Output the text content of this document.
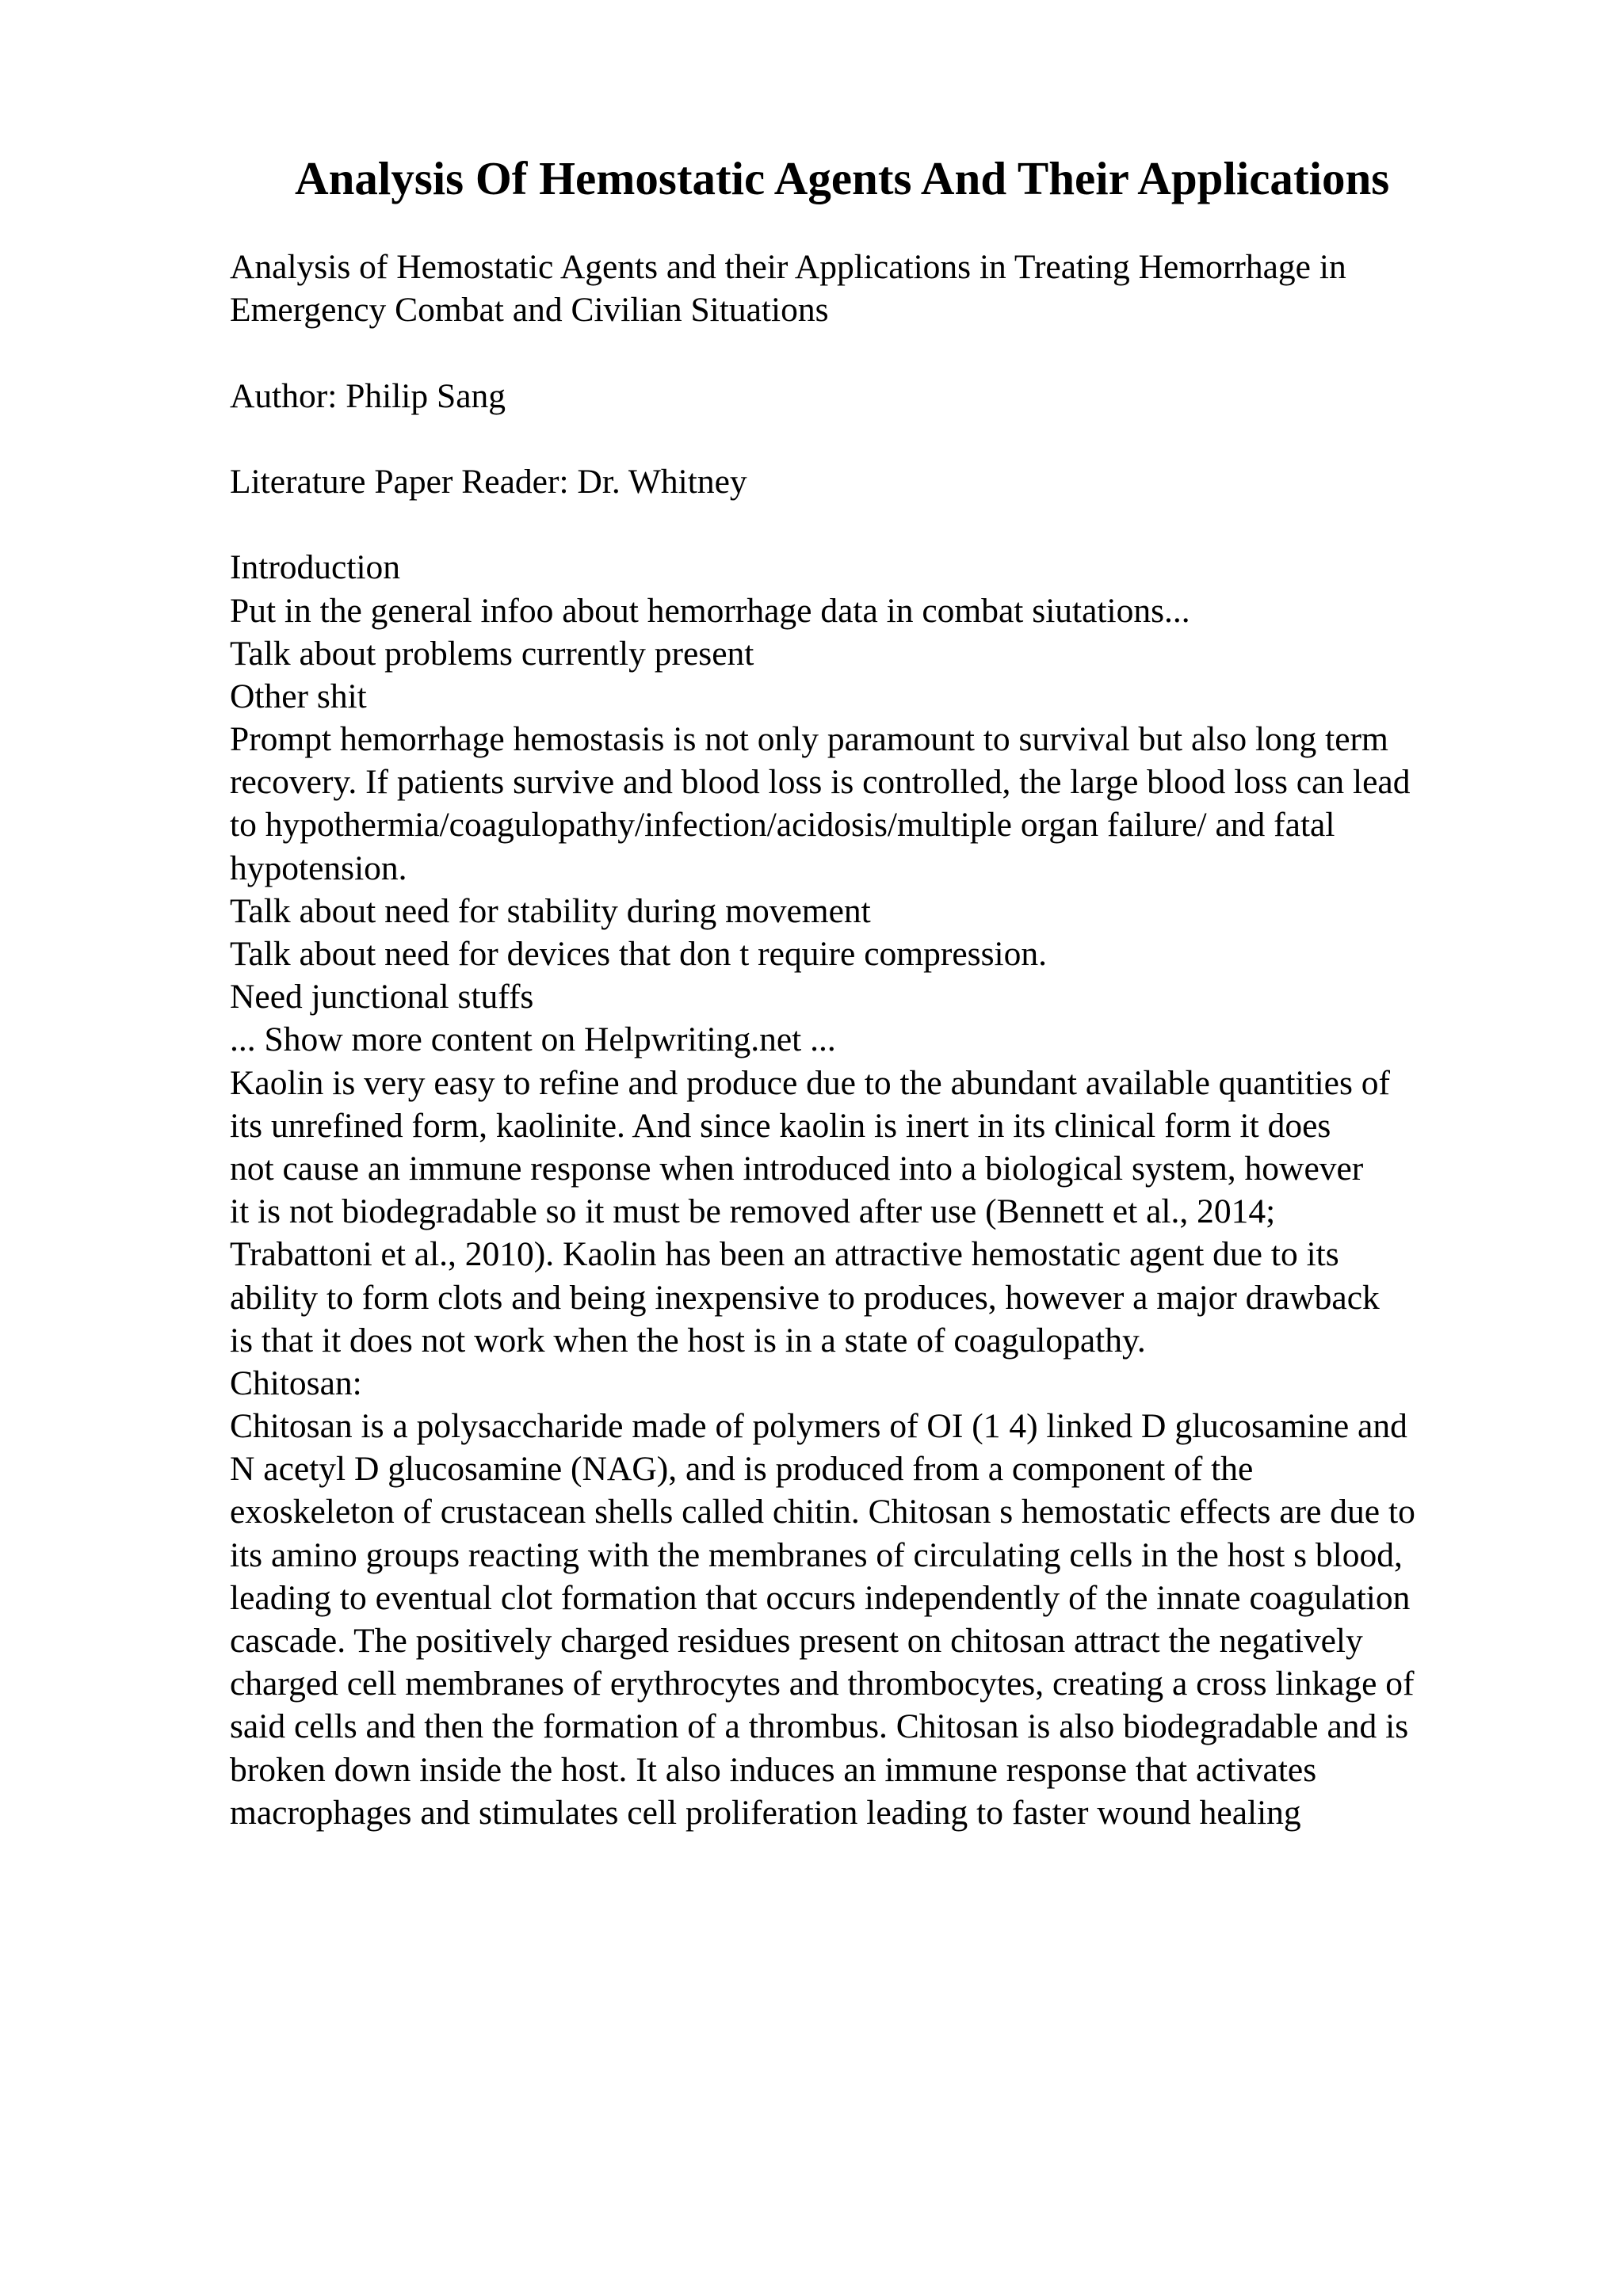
Analysis Of Hemostatic Agents And Their Applications
Analysis of Hemostatic Agents and their Applications in Treating Hemorrhage in
Emergency Combat and Civilian Situations
Author: Philip Sang
Literature Paper Reader: Dr. Whitney
Introduction
Put in the general infoo about hemorrhage data in combat siutations...
Talk about problems currently present
Other shit
Prompt hemorrhage hemostasis is not only paramount to survival but also long term
recovery. If patients survive and blood loss is controlled, the large blood loss can lead
to hypothermia/coagulopathy/infection/acidosis/multiple organ failure/ and fatal
hypotension.
Talk about need for stability during movement
Talk about need for devices that don t require compression.
Need junctional stuffs
... Show more content on Helpwriting.net ...
Kaolin is very easy to refine and produce due to the abundant available quantities of
its unrefined form, kaolinite. And since kaolin is inert in its clinical form it does
not cause an immune response when introduced into a biological system, however
it is not biodegradable so it must be removed after use (Bennett et al., 2014;
Trabattoni et al., 2010). Kaolin has been an attractive hemostatic agent due to its
ability to form clots and being inexpensive to produces, however a major drawback
is that it does not work when the host is in a state of coagulopathy.
Chitosan:
Chitosan is a polysaccharide made of polymers of OI (1 4) linked D glucosamine and
N acetyl D glucosamine (NAG), and is produced from a component of the
exoskeleton of crustacean shells called chitin. Chitosan s hemostatic effects are due to
its amino groups reacting with the membranes of circulating cells in the host s blood,
leading to eventual clot formation that occurs independently of the innate coagulation
cascade. The positively charged residues present on chitosan attract the negatively
charged cell membranes of erythrocytes and thrombocytes, creating a cross linkage of
said cells and then the formation of a thrombus. Chitosan is also biodegradable and is
broken down inside the host. It also induces an immune response that activates
macrophages and stimulates cell proliferation leading to faster wound healing
